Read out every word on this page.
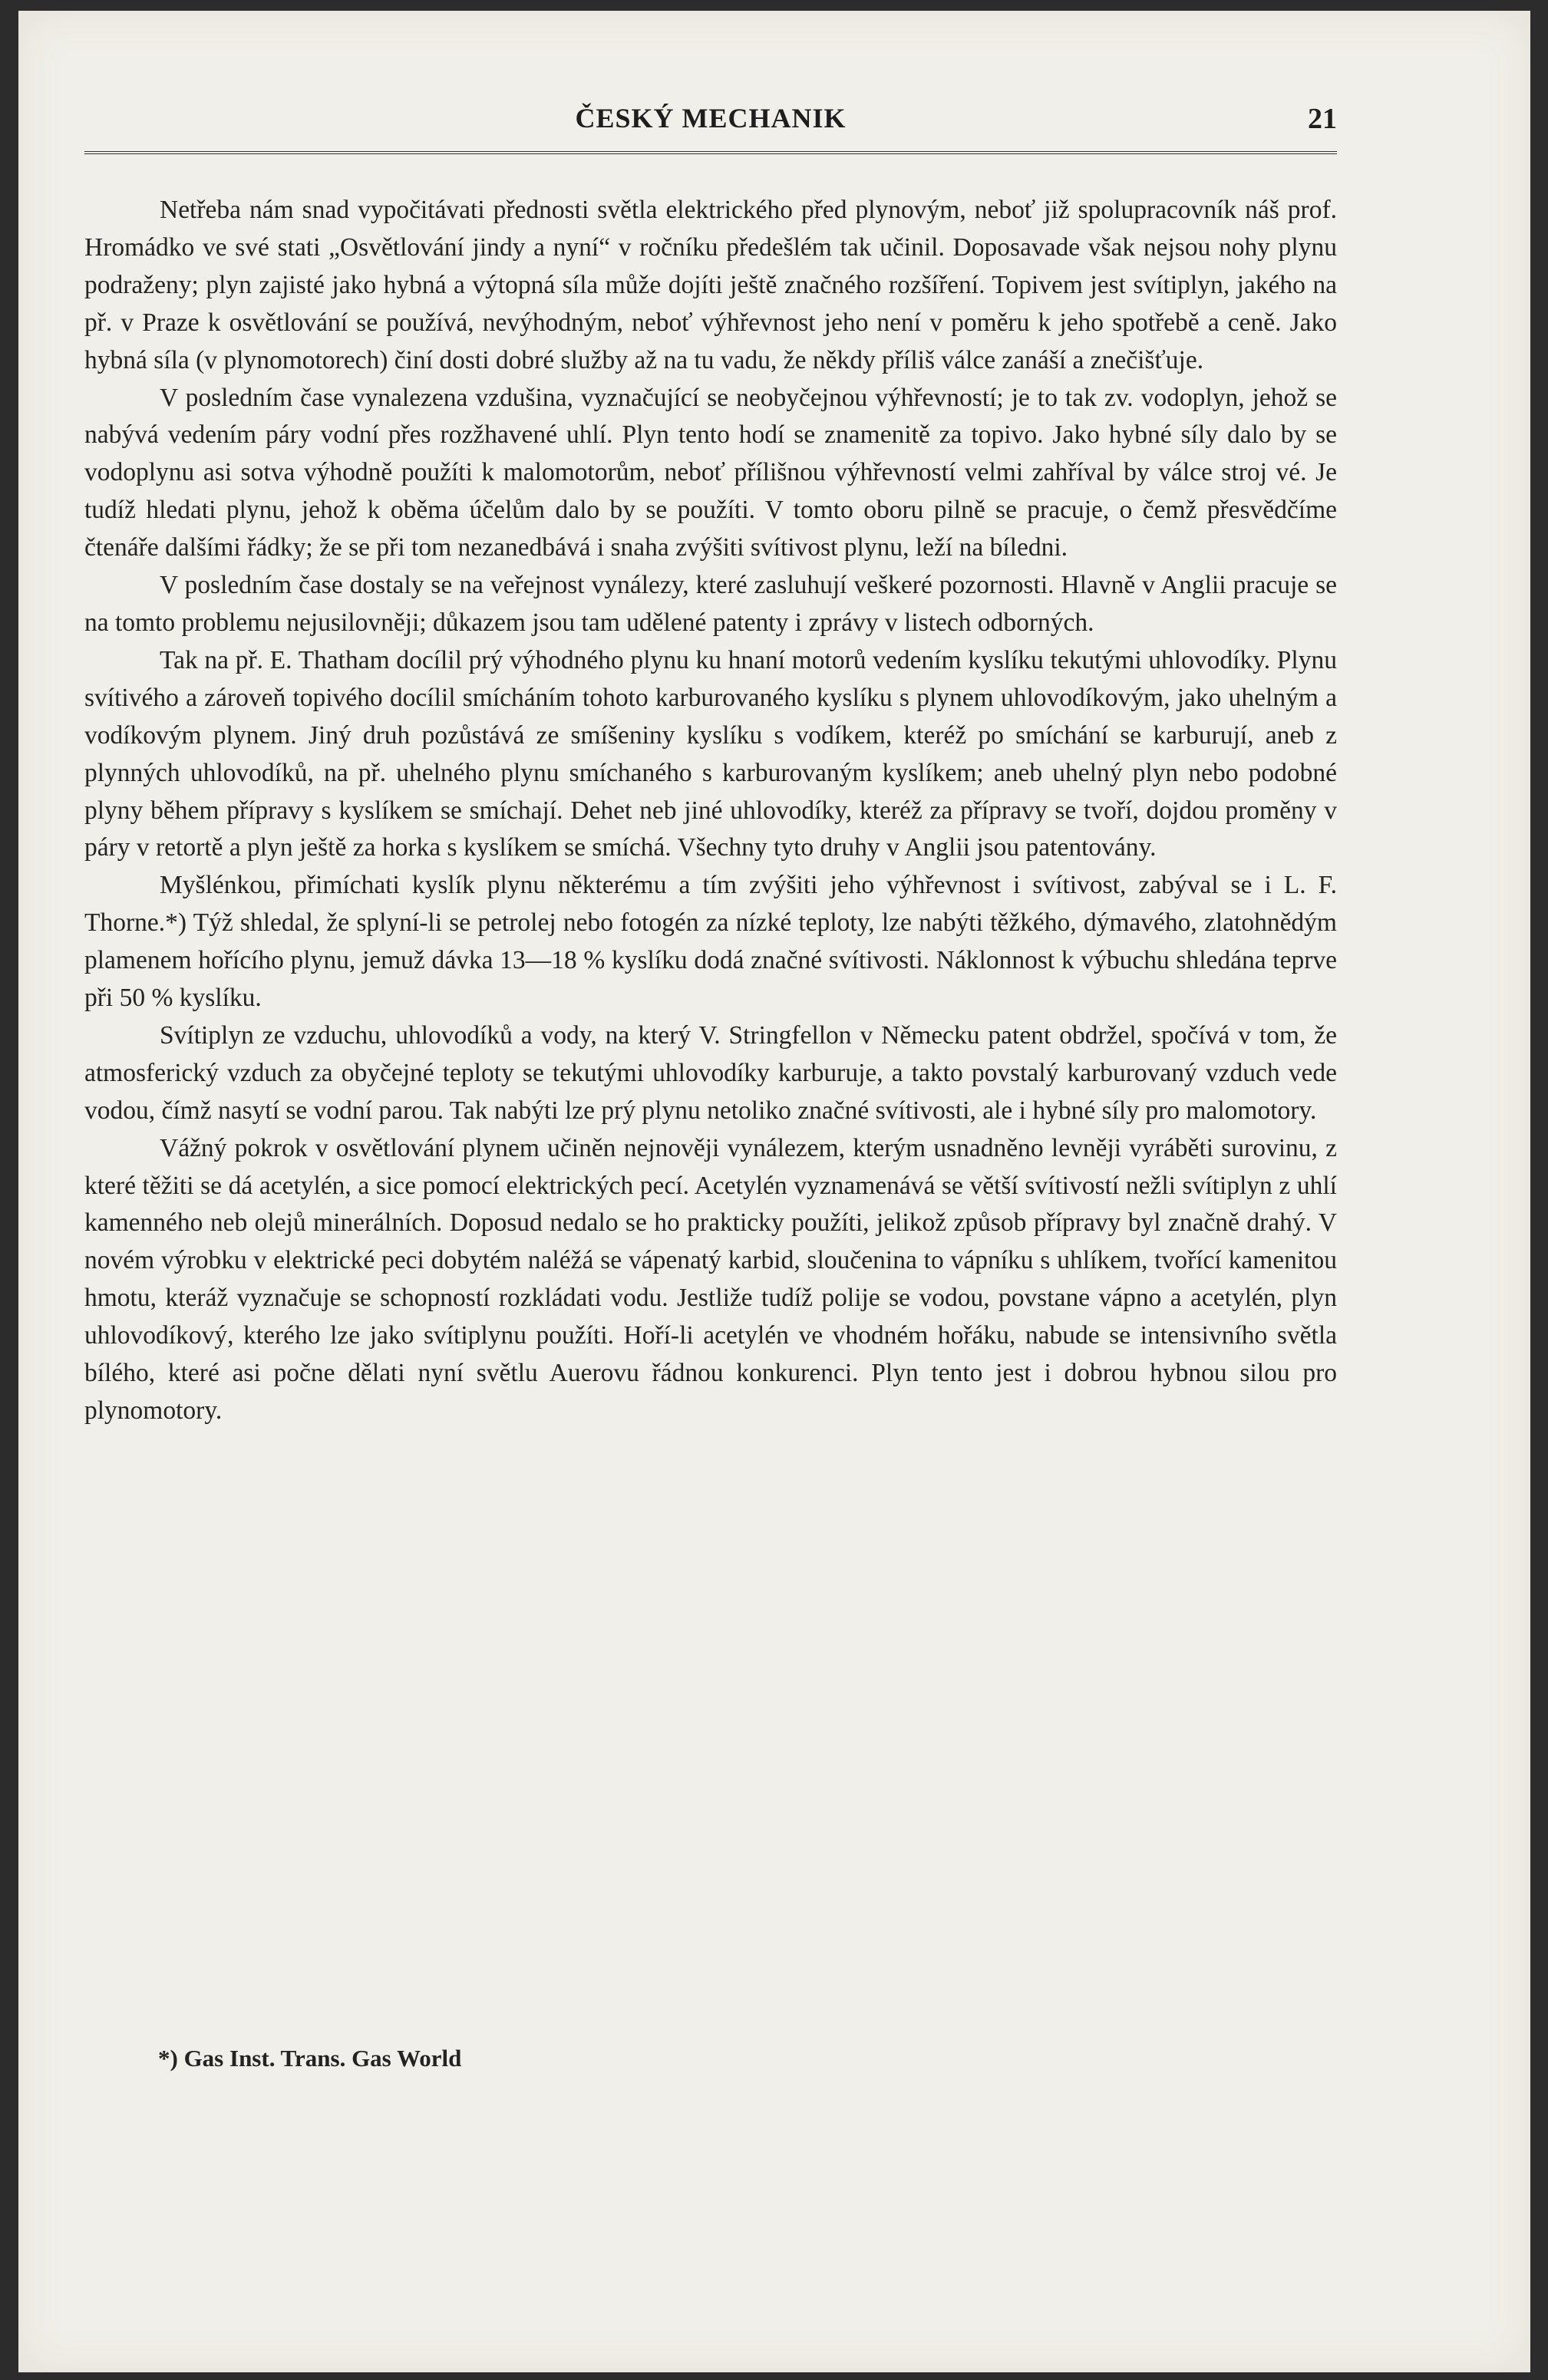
ČESKÝ MECHANIK	21

Netřeba nám snad vypočitávati přednosti světla elektrického před plynovým, neboť již spolupracovník náš prof. Hromádko ve své stati „Osvětlování jindy a nyní“ v ročníku předešlém tak učinil. Doposavade však nejsou nohy plynu podraženy; plyn zajisté jako hybná a výtopná síla může dojíti ještě značného rozšíření. Topivem jest svítiplyn, jakého na př. v Praze k osvětlování se používá, nevýhodným, neboť výhřevnost jeho není v poměru k jeho spotřebě a ceně. Jako hybná síla (v plynomotorech) činí dosti dobré služby až na tu vadu, že někdy příliš válce zanáší a znečišťuje.

V posledním čase vynalezena vzdušina, vyznačující se neobyčejnou výhřevností; je to tak zv. vodoplyn, jehož se nabývá vedením páry vodní přes rozžhavené uhlí. Plyn tento hodí se znamenitě za topivo. Jako hybné síly dalo by se vodoplynu asi sotva výhodně použíti k malomotorům, neboť přílišnou výhřevností velmi zahříval by válce stroj vé. Je tudíž hledati plynu, jehož k oběma účelům dalo by se použíti. V tomto oboru pilně se pracuje, o čemž přesvědčíme čtenáře dalšími řádky; že se při tom nezanedbává i snaha zvýšiti svítivost plynu, leží na bíledni.

V posledním čase dostaly se na veřejnost vynálezy, které zasluhují veškeré pozornosti. Hlavně v Anglii pracuje se na tomto problemu nejusilovněji; důkazem jsou tam udělené patenty i zprávy v listech odborných.

Tak na př. E. Thatham docílil prý výhodného plynu ku hnaní motorů vedením kyslíku tekutými uhlovodíky. Plynu svítivého a zároveň topivého docílil smícháním tohoto karburovaného kyslíku s plynem uhlovodíkovým, jako uhelným a vodíkovým plynem. Jiný druh pozůstává ze smíšeniny kyslíku s vodíkem, kteréž po smíchání se karburují, aneb z plynných uhlovodíků, na př. uhelného plynu smíchaného s karburovaným kyslíkem; aneb uhelný plyn nebo podobné plyny během přípravy s kyslíkem se smíchají. Dehet neb jiné uhlovodíky, kteréž za přípravy se tvoří, dojdou proměny v páry v retortě a plyn ještě za horka s kyslíkem se smíchá. Všechny tyto druhy v Anglii jsou patentovány.

Myšlénkou, přimíchati kyslík plynu některému a tím zvýšiti jeho výhřevnost i svítivost, zabýval se i L. F. Thorne.*) Týž shledal, že splyní-li se petrolej nebo fotogén za nízké teploty, lze nabýti těžkého, dýmavého, zlatohnědým plamenem hořícího plynu, jemuž dávka 13—18 % kyslíku dodá značné svítivosti. Náklonnost k výbuchu shledána teprve při 50 % kyslíku.

Svítiplyn ze vzduchu, uhlovodíků a vody, na který V. Stringfellon v Německu patent obdržel, spočívá v tom, že atmosferický vzduch za obyčejné teploty se tekutými uhlovodíky karburuje, a takto povstalý karburovaný vzduch vede vodou, čímž nasytí se vodní parou. Tak nabýti lze prý plynu netoliko značné svítivosti, ale i hybné síly pro malomotory.

Vážný pokrok v osvětlování plynem učiněn nejnověji vynálezem, kterým usnadněno levněji vyráběti surovinu, z které těžiti se dá acetylén, a sice pomocí elektrických pecí. Acetylén vyznamenává se větší svítivostí nežli svítiplyn z uhlí kamenného neb olejů minerálních. Doposud nedalo se ho prakticky použíti, jelikož způsob přípravy byl značně drahý. V novém výrobku v elektrické peci dobytém naléžá se vápenatý karbid, sloučenina to vápníku s uhlíkem, tvořící kamenitou hmotu, kteráž vyznačuje se schopností rozkládati vodu. Jestliže tudíž polije se vodou, povstane vápno a acetylén, plyn uhlovodíkový, kterého lze jako svítiplynu použíti. Hoří-li acetylén ve vhodném hořáku, nabude se intensivního světla bílého, které asi počne dělati nyní světlu Auerovu řádnou konkurenci. Plyn tento jest i dobrou hybnou silou pro plynomotory.

*) Gas Inst. Trans. Gas World
